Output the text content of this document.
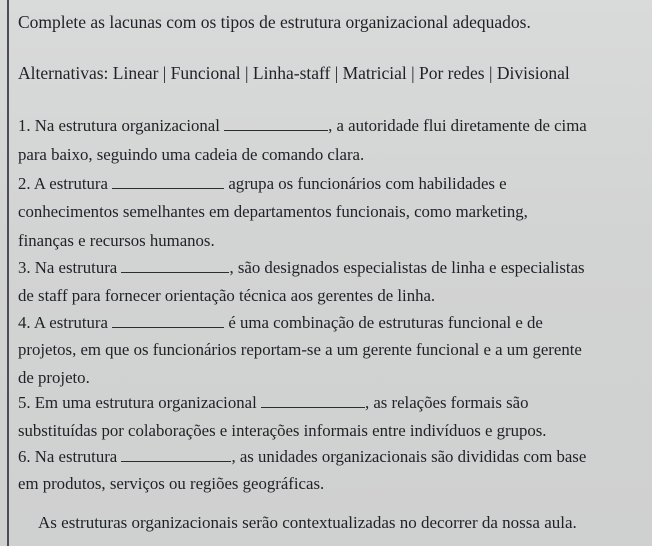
Complete as lacunas com os tipos de estrutura organizacional adequados.
Alternativas: Linear | Funcional | Linha-staff | Matricial | Por redes | Divisional
1. Na estrutura organizacional	, a autoridade flui diretamente de cima
para baixo, seguindo uma cadeia de comando clara.
2. A estrutura	agrupa os funcionários com habilidades e
conhecimentos semelhantes em departamentos funcionais, como marketing,
finanças e recursos humanos.
3. Na estrutura	, são designados especialistas de linha e especialistas
de staff para fornecer orientação técnica aos gerentes de linha.
4. A estrutura	é uma combinação de estruturas funcional e de
projetos, em que os funcionários reportam-se a um gerente funcional e a um gerente
de projeto.
5. Em uma estrutura organizacional	, as relações formais são
substituídas por colaborações e interações informais entre indivíduos e grupos.
6. Na estrutura	, as unidades organizacionais são divididas com base
em produtos, serviços ou regiões geográficas.
As estruturas organizacionais serão contextualizadas no decorrer da nossa aula.
